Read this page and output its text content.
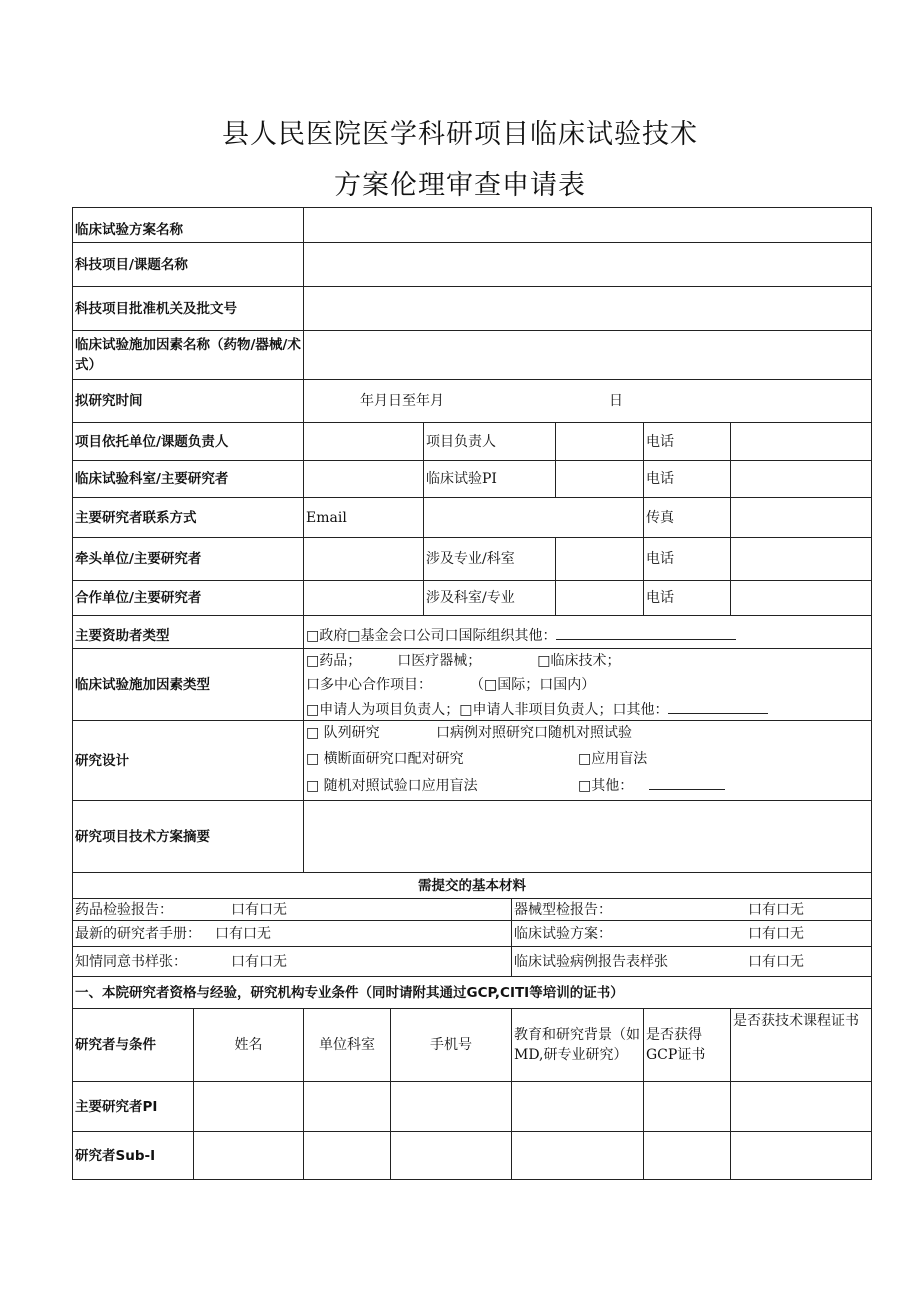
县人民医院医学科研项目临床试验技术
方案伦理审查申请表
临床试验方案名称								
科技项目/课题名称								
科技项目批准机关及批文号								
临床试验施加因素名称（药物/器械/术式）								
拟研究时间		年月日至年月 日						
项目依托单位/课题负责人				项目负责人			电话	
临床试验科室/主要研究者				临床试验PI			电话	
主要研究者联系方式		Email					传真	
牵头单位/主要研究者				涉及专业/科室			电话	
合作单位/主要研究者				涉及科室/专业			电话	
主要资助者类型		□政府□基金会口公司口国际组织其他：						
临床试验施加因素类型		□药品； 口医疗器械； □临床技术；
口多中心合作项目： （□国际；口国内）
□申请人为项目负责人；□申请人非项目负责人；口其他：						

研究设计		□ 队列研究 口病例对照研究口随机对照试验
□ 横断面研究口配对研究 □应用盲法
□ 随机对照试验口应用盲法 □其他：						

研究项目技术方案摘要								
需提交的基本材料								
药品检验报告： 口有口无					器械型检报告： 口有口无			
最新的研究者手册： 口有口无					临床试验方案： 口有口无			
知情同意书样张： 口有口无					临床试验病例报告表样张 口有口无			
一、本院研究者资格与经验，研究机构专业条件（同时请附其通过GCP,CITI等培训的证书）								
研究者与条件	姓名	单位科室	手机号		教育和研究背景（如MD,研专业研究）		是否获得GCP证书	是否获技术课程证书
主要研究者PI								
研究者Sub-I								
